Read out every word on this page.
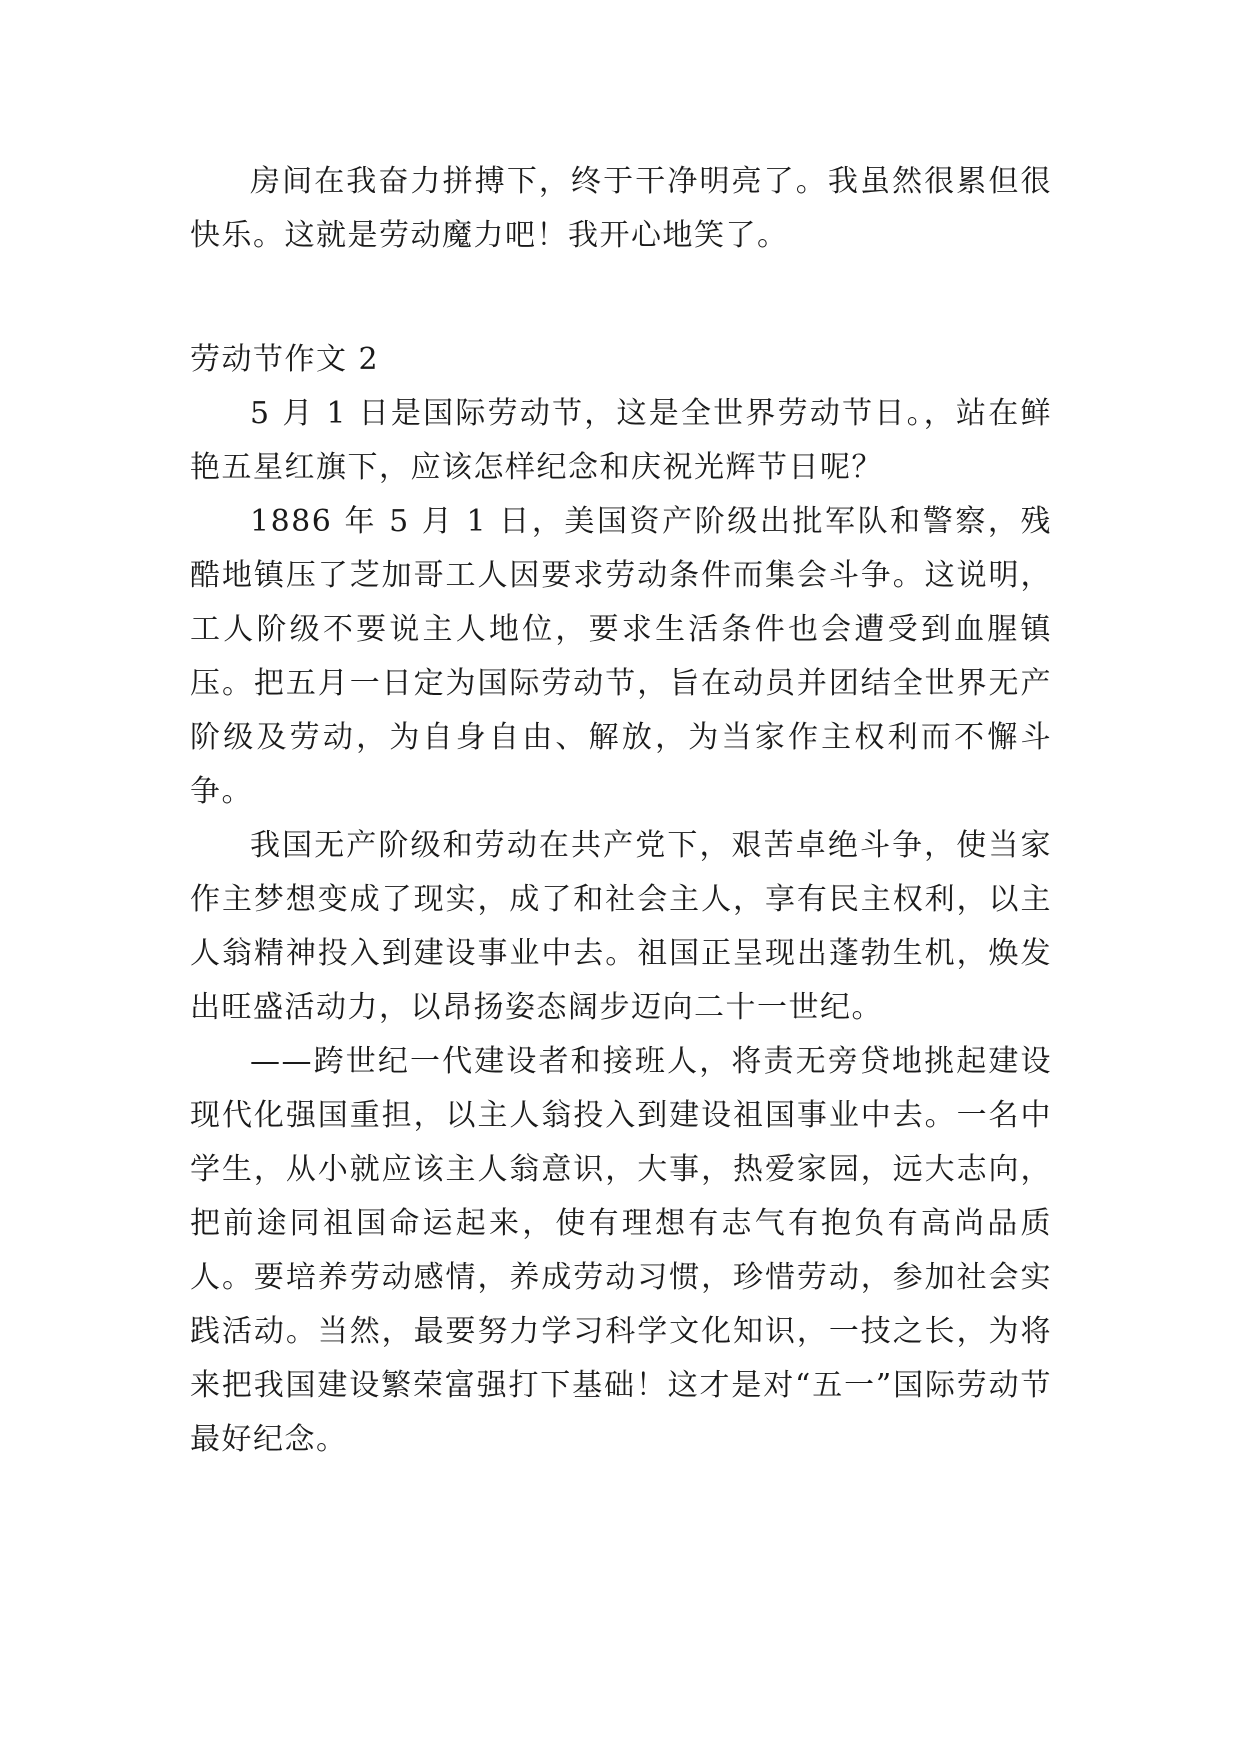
房间在我奋力拼搏下，终于干净明亮了。我虽然很累但很快乐。这就是劳动魔力吧！我开心地笑了。

劳动节作文 2

5 月 1 日是国际劳动节，这是全世界劳动节日。，站在鲜艳五星红旗下，应该怎样纪念和庆祝光辉节日呢？

1886 年 5 月 1 日，美国资产阶级出批军队和警察，残酷地镇压了芝加哥工人因要求劳动条件而集会斗争。这说明，工人阶级不要说主人地位，要求生活条件也会遭受到血腥镇压。把五月一日定为国际劳动节，旨在动员并团结全世界无产阶级及劳动，为自身自由、解放，为当家作主权利而不懈斗争。

我国无产阶级和劳动在共产党下，艰苦卓绝斗争，使当家作主梦想变成了现实，成了和社会主人，享有民主权利，以主人翁精神投入到建设事业中去。祖国正呈现出蓬勃生机，焕发出旺盛活动力，以昂扬姿态阔步迈向二十一世纪。

——跨世纪一代建设者和接班人，将责无旁贷地挑起建设现代化强国重担，以主人翁投入到建设祖国事业中去。一名中学生，从小就应该主人翁意识，大事，热爱家园，远大志向，把前途同祖国命运起来，使有理想有志气有抱负有高尚品质人。要培养劳动感情，养成劳动习惯，珍惜劳动，参加社会实践活动。当然，最要努力学习科学文化知识，一技之长，为将来把我国建设繁荣富强打下基础！这才是对“五一”国际劳动节最好纪念。
